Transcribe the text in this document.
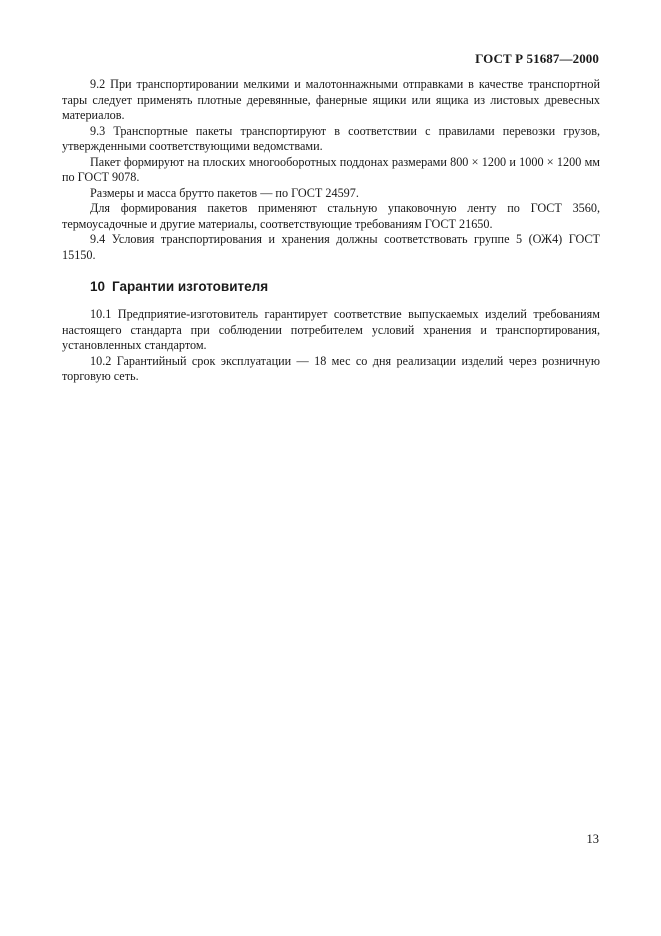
ГОСТ Р 51687—2000

9.2 При транспортировании мелкими и малотоннажными отправками в качестве транспортной тары следует применять плотные деревянные, фанерные ящики или ящика из листовых древесных материалов.

9.3 Транспортные пакеты транспортируют в соответствии с правилами перевозки грузов, утвержденными соответствующими ведомствами.

Пакет формируют на плоских многооборотных поддонах размерами 800 × 1200 и 1000 × 1200 мм по ГОСТ 9078.

Размеры и масса брутто пакетов — по ГОСТ 24597.

Для формирования пакетов применяют стальную упаковочную ленту по ГОСТ 3560, термоусадочные и другие материалы, соответствующие требованиям ГОСТ 21650.

9.4 Условия транспортирования и хранения должны соответствовать группе 5 (ОЖ4) ГОСТ 15150.

10 Гарантии изготовителя

10.1 Предприятие-изготовитель гарантирует соответствие выпускаемых изделий требованиям настоящего стандарта при соблюдении потребителем условий хранения и транспортирования, установленных стандартом.

10.2 Гарантийный срок эксплуатации — 18 мес со дня реализации изделий через розничную торговую сеть.

13
